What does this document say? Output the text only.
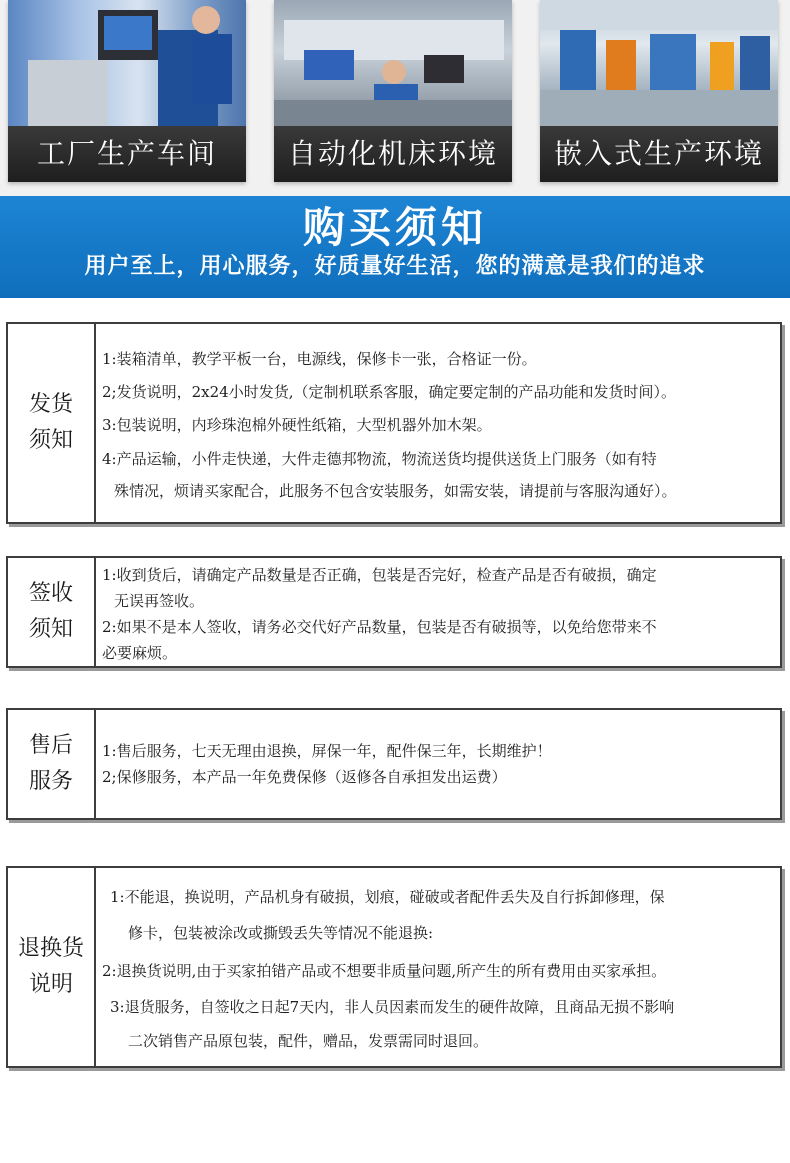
工厂生产车间	自动化机床环境	嵌入式生产环境
购买须知
用户至上，用心服务，好质量好生活，您的满意是我们的追求
发货
须知
1:装箱清单，教学平板一台，电源线，保修卡一张，合格证一份。
2;发货说明，2x24小时发货,（定制机联系客服，确定要定制的产品功能和发货时间）。
3:包装说明，内珍珠泡棉外硬性纸箱，大型机器外加木架。
4:产品运输，小件走快递，大件走德邦物流，物流送货均提供送货上门服务（如有特
殊情况，烦请买家配合，此服务不包含安装服务，如需安装，请提前与客服沟通好）。
签收
须知
1:收到货后，请确定产品数量是否正确，包装是否完好，检查产品是否有破损，确定
无误再签收。
2:如果不是本人签收，请务必交代好产品数量，包装是否有破损等，以免给您带来不
必要麻烦。
售后
服务
1:售后服务，七天无理由退换，屏保一年，配件保三年，长期维护！
2;保修服务，本产品一年免费保修（返修各自承担发出运费）
退换货
说明
1:不能退，换说明，产品机身有破损，划痕，碰破或者配件丢失及自行拆卸修理，保
修卡，包装被涂改或撕毁丢失等情况不能退换:
2:退换货说明,由于买家拍错产品或不想要非质量问题,所产生的所有费用由买家承担。
3:退货服务，自签收之日起7天内，非人员因素而发生的硬件故障，且商品无损不影响
二次销售产品原包装，配件，赠品，发票需同时退回。
